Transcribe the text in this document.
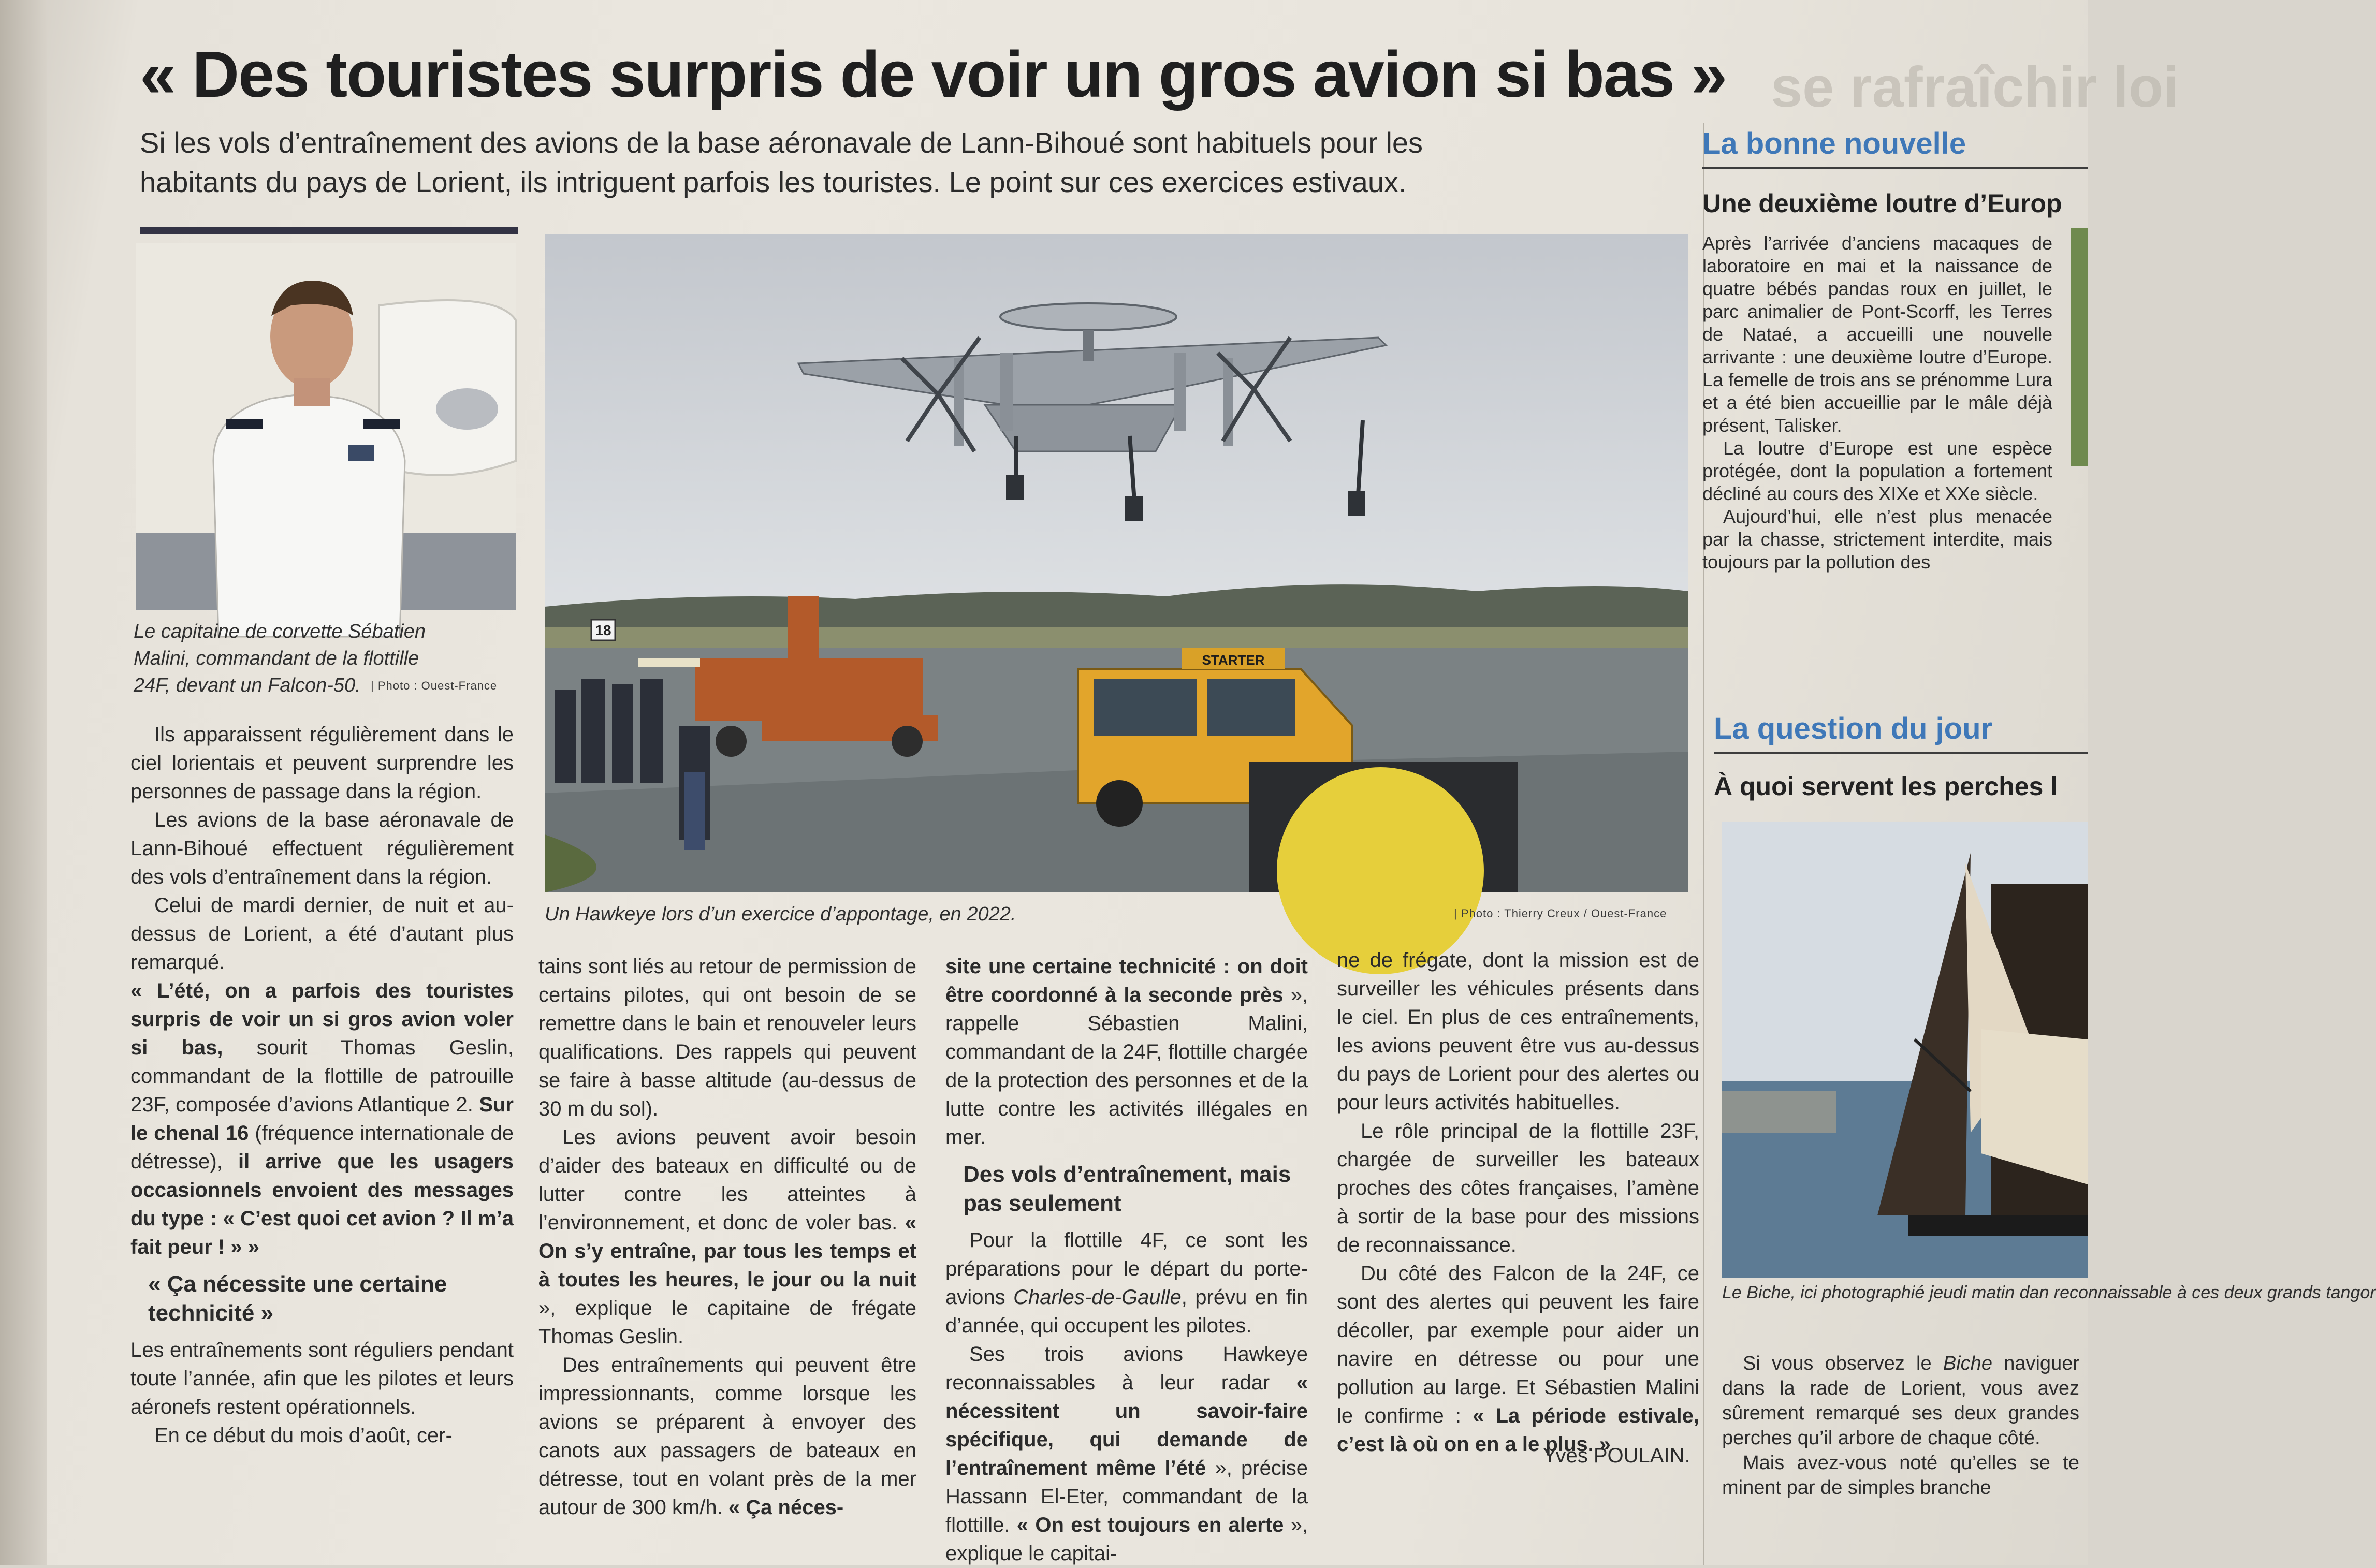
se rafraîchir loi
« Des touristes surpris de voir un gros avion si bas »
Si les vols d’entraînement des avions de la base aéronavale de Lann-Bihoué sont habituels pour les habitants du pays de Lorient, ils intriguent parfois les touristes. Le point sur ces exercices estivaux.
Le capitaine de corvette Sébatien Malini, commandant de la flottille 24F, devant un Falcon-50. | Photo : Ouest-France
18
STARTER
Un Hawkeye lors d’un exercice d’appontage, en 2022.	| Photo : Thierry Creux / Ouest-France

Ils apparaissent régulièrement dans le ciel lorientais et peuvent surprendre les personnes de passage dans la région.

Les avions de la base aéronavale de Lann-Bihoué effectuent régulièrement des vols d’entraînement dans la région.

Celui de mardi dernier, de nuit et au-dessus de Lorient, a été d’autant plus remarqué.

« L’été, on a parfois des touristes surpris de voir un si gros avion voler si bas, sourit Thomas Geslin, commandant de la flottille de patrouille 23F, composée d’avions Atlantique 2. Sur le chenal 16 (fréquence internationale de détresse), il arrive que les usagers occasionnels envoient des messages du type : « C’est quoi cet avion ? Il m’a fait peur ! » »

« Ça nécessite une certaine technicité »

Les entraînements sont réguliers pendant toute l’année, afin que les pilotes et leurs aéronefs restent opérationnels.

En ce début du mois d’août, cer-

tains sont liés au retour de permission de certains pilotes, qui ont besoin de se remettre dans le bain et renouveler leurs qualifications. Des rappels qui peuvent se faire à basse altitude (au-dessus de 30 m du sol).

Les avions peuvent avoir besoin d’aider des bateaux en difficulté ou de lutter contre les atteintes à l’environnement, et donc de voler bas. « On s’y entraîne, par tous les temps et à toutes les heures, le jour ou la nuit », explique le capitaine de frégate Thomas Geslin.

Des entraînements qui peuvent être impressionnants, comme lorsque les avions se préparent à envoyer des canots aux passagers de bateaux en détresse, tout en volant près de la mer autour de 300 km/h. « Ça néces-

site une certaine technicité : on doit être coordonné à la seconde près », rappelle Sébastien Malini, commandant de la 24F, flottille chargée de la protection des personnes et de la lutte contre les activités illégales en mer.

Des vols d’entraînement, mais pas seulement

Pour la flottille 4F, ce sont les préparations pour le départ du porte-avions Charles-de-Gaulle, prévu en fin d’année, qui occupent les pilotes.

Ses trois avions Hawkeye reconnaissables à leur radar « nécessitent un savoir-faire spécifique, qui demande de l’entraînement même l’été », précise Hassann El-Eter, commandant de la flottille. « On est toujours en alerte », explique le capitai-

ne de frégate, dont la mission est de surveiller les véhicules présents dans le ciel. En plus de ces entraînements, les avions peuvent être vus au-dessus du pays de Lorient pour des alertes ou pour leurs activités habituelles.

Le rôle principal de la flottille 23F, chargée de surveiller les bateaux proches des côtes françaises, l’amène à sortir de la base pour des missions de reconnaissance.

Du côté des Falcon de la 24F, ce sont des alertes qui peuvent les faire décoller, par exemple pour aider un navire en détresse ou pour une pollution au large. Et Sébastien Malini le confirme : « La période estivale, c’est là où on en a le plus. »

Yves POULAIN.
La bonne nouvelle
Une deuxième loutre d’Europ

Après l’arrivée d’anciens macaques de laboratoire en mai et la naissance de quatre bébés pandas roux en juillet, le parc animalier de Pont-Scorff, les Terres de Nataé, a accueilli une nouvelle arrivante : une deuxième loutre d’Europe. La femelle de trois ans se prénomme Lura et a été bien accueillie par le mâle déjà présent, Talisker.

La loutre d’Europe est une espèce protégée, dont la population a fortement décliné au cours des XIXe et XXe siècle.

Aujourd’hui, elle n’est plus menacée par la chasse, strictement interdite, mais toujours par la pollution des

La question du jour
À quoi servent les perches l
Le Biche, ici photographié jeudi matin dan reconnaissable à ces deux grands tangor

Si vous observez le Biche naviguer dans la rade de Lorient, vous avez sûrement remarqué ses deux grandes perches qu’il arbore de chaque côté.

Mais avez-vous noté qu’elles se te minent par de simples branche
